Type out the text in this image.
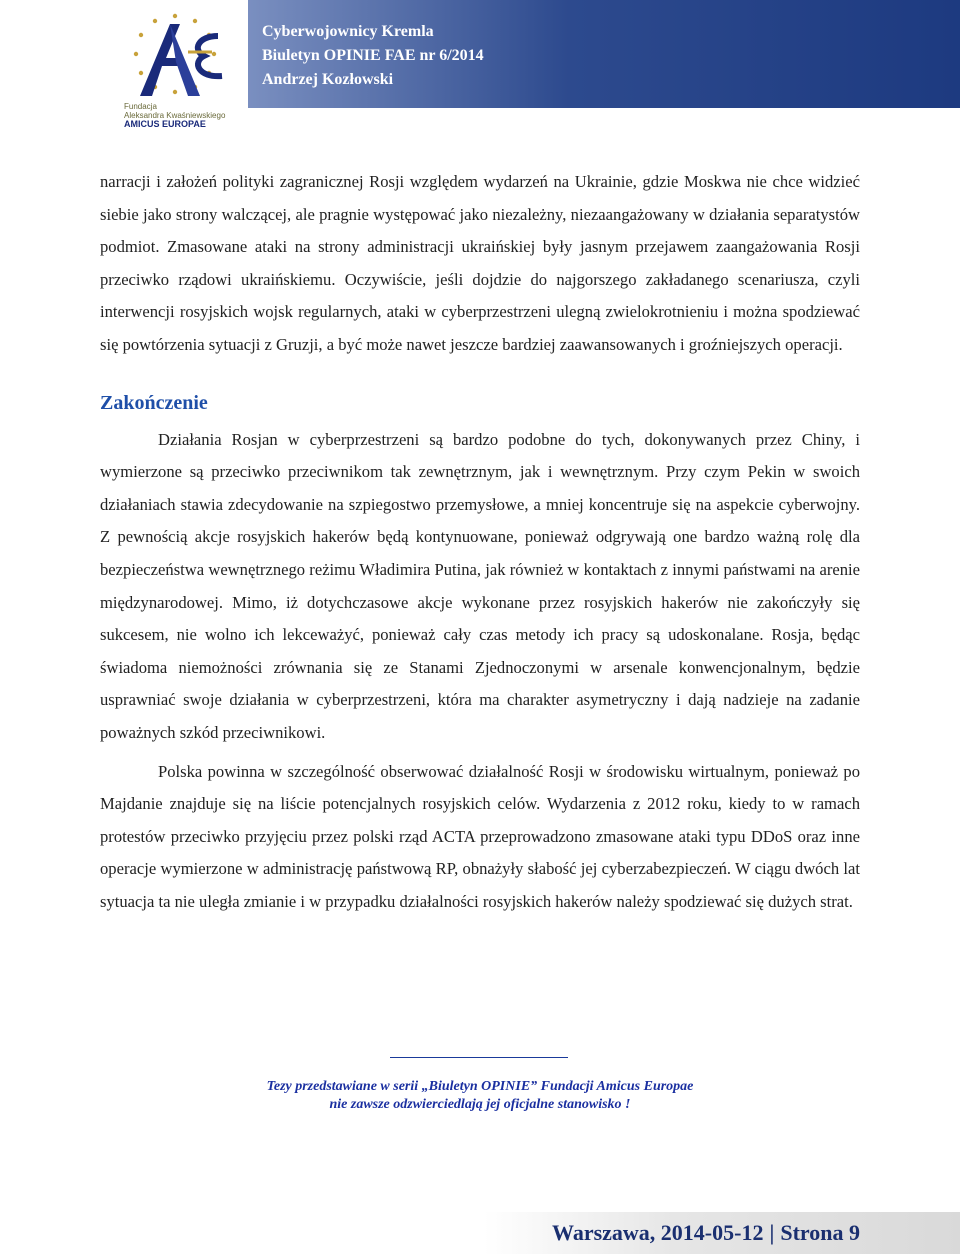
Fundacja
Aleksandra Kwaśniewskiego
AMICUS EUROPAE
Cyberwojownicy Kremla
Biuletyn OPINIE FAE nr 6/2014
Andrzej Kozłowski

narracji i założeń polityki zagranicznej Rosji względem wydarzeń na Ukrainie, gdzie Moskwa nie chce widzieć siebie jako strony walczącej, ale pragnie występować jako niezależny, niezaangażowany w działania separatystów podmiot. Zmasowane ataki na strony administracji ukraińskiej były jasnym przejawem zaangażowania Rosji przeciwko rządowi ukraińskiemu. Oczywiście, jeśli dojdzie do najgorszego zakładanego scenariusza, czyli interwencji rosyjskich wojsk regularnych, ataki w cyberprzestrzeni ulegną zwielokrotnieniu i można spodziewać się powtórzenia sytuacji z Gruzji, a być może nawet jeszcze bardziej zaawansowanych i groźniejszych operacji.

Zakończenie

Działania Rosjan w cyberprzestrzeni są bardzo podobne do tych, dokonywanych przez Chiny, i wymierzone są przeciwko przeciwnikom tak zewnętrznym, jak i wewnętrznym. Przy czym Pekin w swoich działaniach stawia zdecydowanie na szpiegostwo przemysłowe, a mniej koncentruje się na aspekcie cyberwojny. Z pewnością akcje rosyjskich hakerów będą kontynuowane, ponieważ odgrywają one bardzo ważną rolę dla bezpieczeństwa wewnętrznego reżimu Władimira Putina, jak również w kontaktach z innymi państwami na arenie międzynarodowej. Mimo, iż dotychczasowe akcje wykonane przez rosyjskich hakerów nie zakończyły się sukcesem, nie wolno ich lekceważyć, ponieważ cały czas metody ich pracy są udoskonalane. Rosja, będąc świadoma niemożności zrównania się ze Stanami Zjednoczonymi w arsenale konwencjonalnym, będzie usprawniać swoje działania w cyberprzestrzeni, która ma charakter asymetryczny i dają nadzieje na zadanie poważnych szkód przeciwnikowi.

Polska powinna w szczególność obserwować działalność Rosji w środowisku wirtualnym, ponieważ po Majdanie znajduje się na liście potencjalnych rosyjskich celów. Wydarzenia z 2012 roku, kiedy to w ramach protestów przeciwko przyjęciu przez polski rząd ACTA przeprowadzono zmasowane ataki typu DDoS oraz inne operacje wymierzone w administrację państwową RP, obnażyły słabość jej cyberzabezpieczeń. W ciągu dwóch lat sytuacja ta nie uległa zmianie i w przypadku działalności rosyjskich hakerów należy spodziewać się dużych strat.

Tezy przedstawiane w serii „Biuletyn OPINIE” Fundacji Amicus Europae
nie zawsze odzwierciedlają jej oficjalne stanowisko !
Warszawa, 2014-05-12 | Strona 9
